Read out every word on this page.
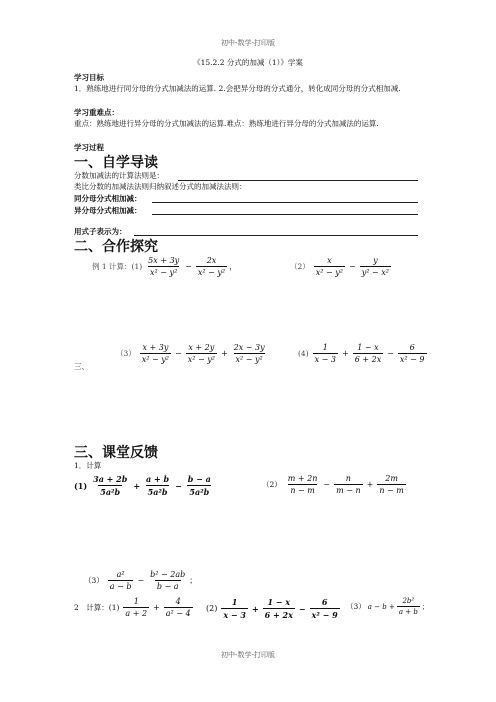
初中-数学-打印版
《15.2.2 分式的加减（1）》学案
学习目标
1．熟练地进行同分母的分式加减法的运算. 2.会把异分母的分式通分，转化成同分母的分式相加减.
学习重难点：
重点：熟练地进行异分母的分式加减法的运算.难点：熟练地进行异分母的分式加减法的运算.
学习过程
一、自学导读
分数加减法的计算法则是：
类比分数的加减法法则归纳叙述分式的加减法法则：
同分母分式相加减：
异分母分式相加减：
用式子表示为：
二、合作探究
例 1 计算：$(1) \frac{5x + 3y}{\text{x² − y²}} - \frac{2x}{\text{x² − y²}}$ ，	$(2) \frac{x}{\text{x² − y²}} - \frac{y}{\text{y² − x²}}$
$(3) \frac{x + 3y}{\text{x² − y²}} - \frac{x + 2y}{\text{x² − y²}} + \frac{2x - 3y}{\text{x² − y²}}$	$(4) \frac{1}{x - 3} + \frac{1 - x}{6 + 2x} - \frac{6}{\text{x² − 9}}$
三、
三、课堂反馈
1．计算
$(1) \frac{3a + 2b}{\text{5a²b}} + \frac{a + b}{\text{5a²b}} - \frac{b - a}{\text{5a²b}}$	$(2) \frac{m + 2n}{n - m} - \frac{n}{m - n} + \frac{2m}{n - m}$
$(3) \frac{\text{a²}}{a - b} - \frac{\text{b² − 2ab}}{b - a}$ ；
2　计算：$(1) \frac{1}{a + 2} + \frac{4}{\text{a² − 4}} (2) \frac{1}{x - 3} + \frac{1 - x}{6 + 2x} - \frac{6}{\text{x² − 9}} (3) a - b + \frac{\text{2b²}}{a + b}$ ；
初中-数学-打印版
